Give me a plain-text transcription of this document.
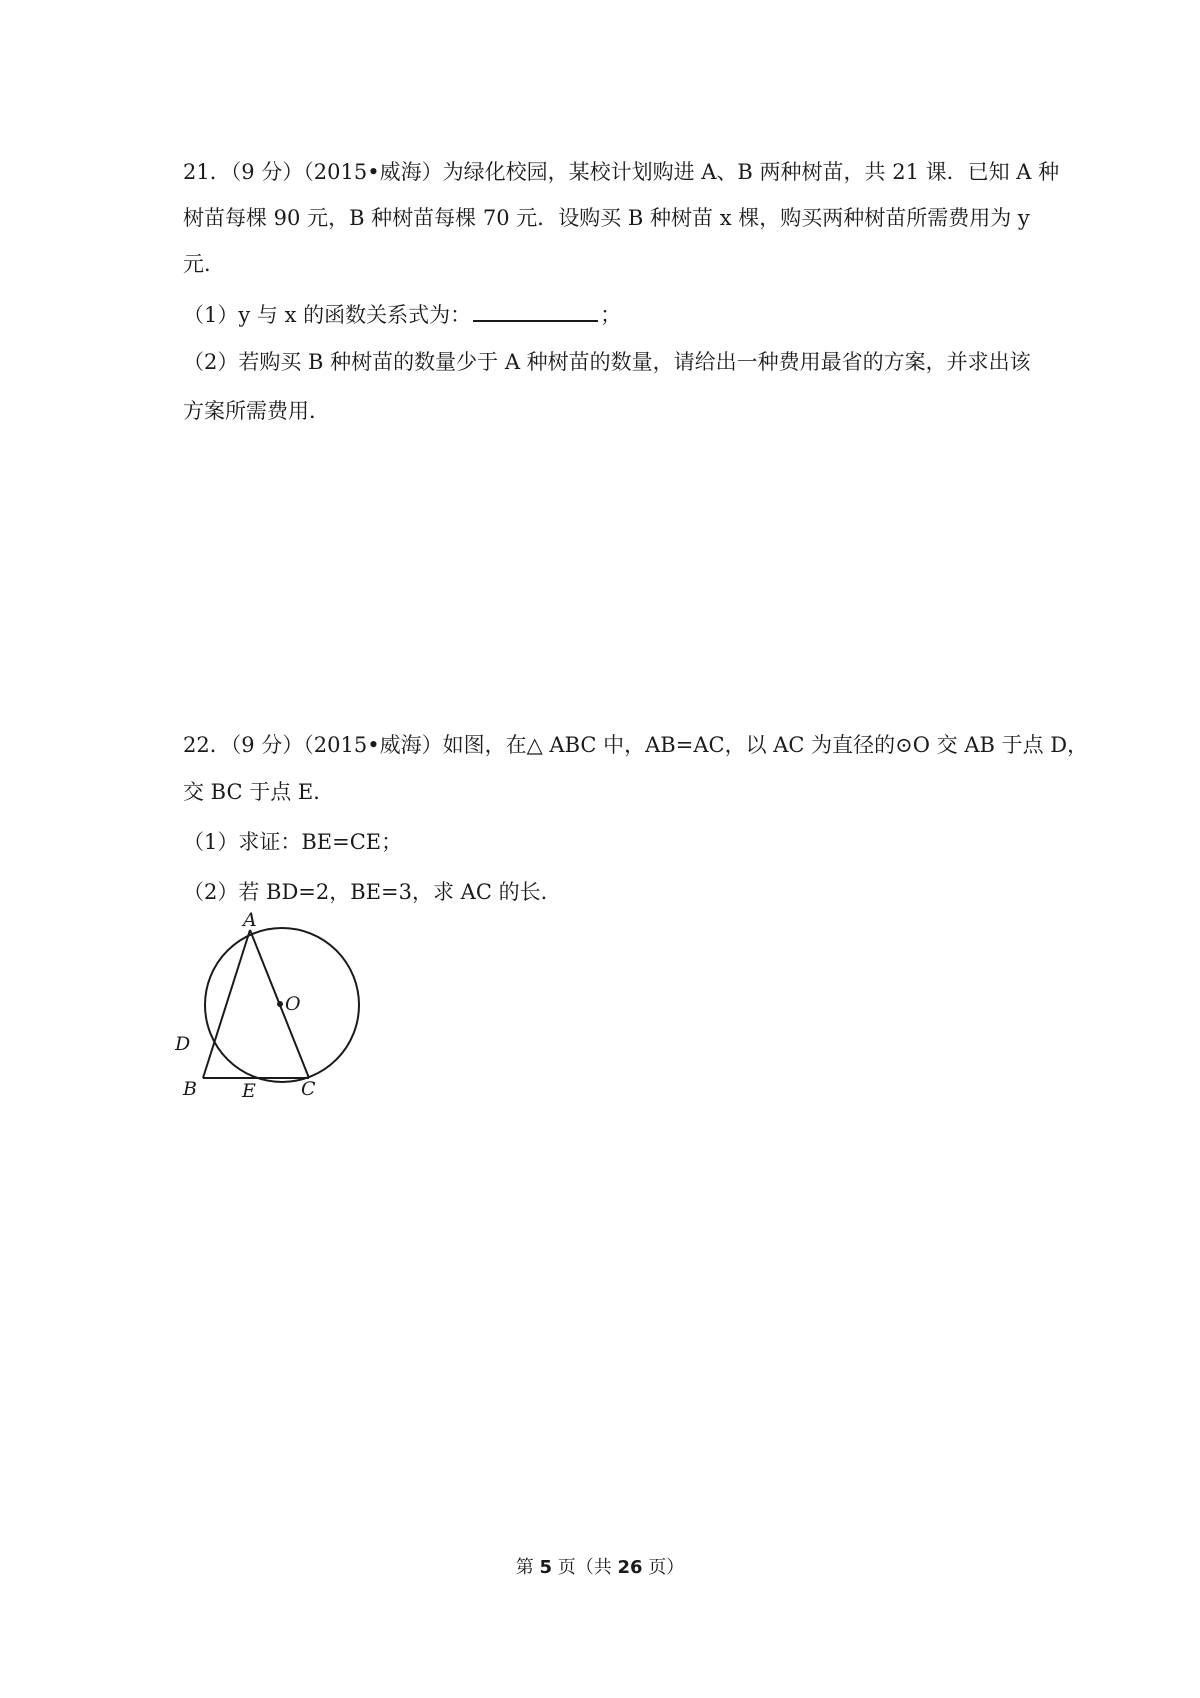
21．（9 分）（2015•威海）为绿化校园，某校计划购进 A、B 两种树苗，共 21 课．已知 A 种
树苗每棵 90 元，B 种树苗每棵 70 元．设购买 B 种树苗 x 棵，购买两种树苗所需费用为 y
元．
（1）y 与 x 的函数关系式为：	；
（2）若购买 B 种树苗的数量少于 A 种树苗的数量，请给出一种费用最省的方案，并求出该
方案所需费用．
22．（9 分）（2015•威海）如图，在△ ABC 中，AB=AC，以 AC 为直径的⊙O 交 AB 于点 D，
交 BC 于点 E．
（1）求证：BE=CE；
（2）若 BD=2，BE=3，求 AC 的长．
A
O
D
B E C
第 5 页（共 26 页）
